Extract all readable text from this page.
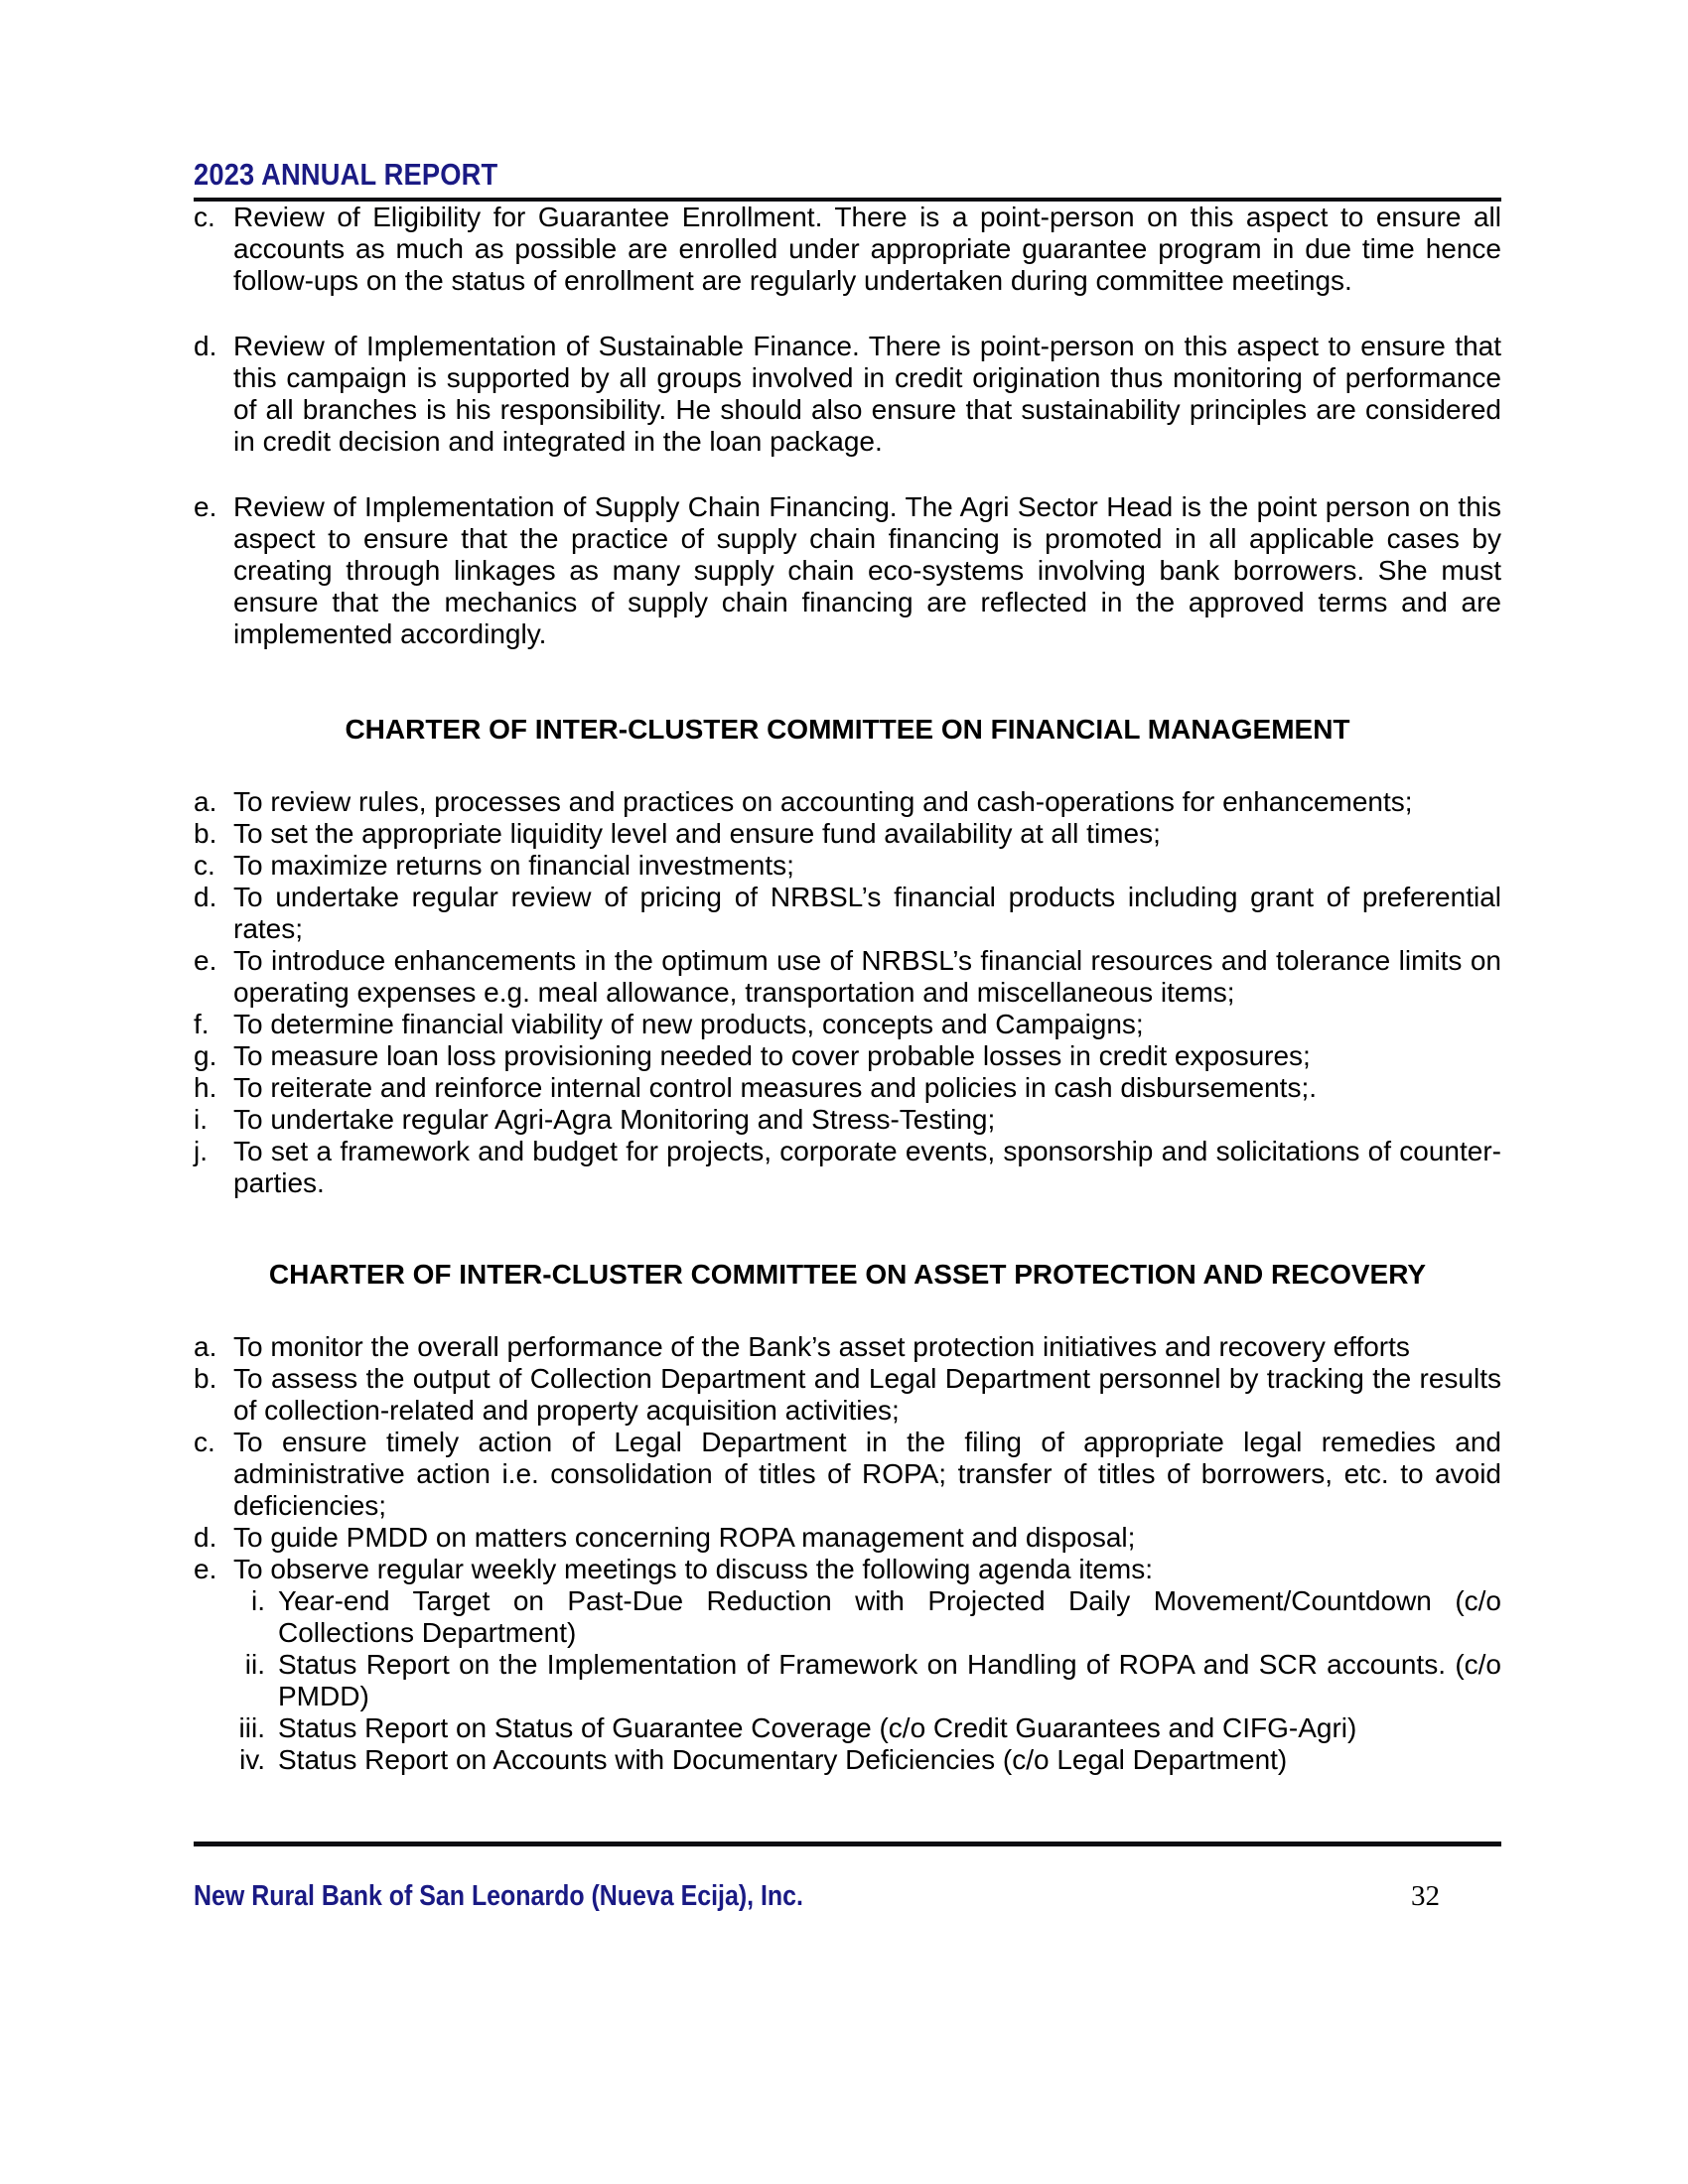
2023 ANNUAL REPORT
c. Review of Eligibility for Guarantee Enrollment. There is a point-person on this aspect to ensure all accounts as much as possible are enrolled under appropriate guarantee program in due time hence follow-ups on the status of enrollment are regularly undertaken during committee meetings.
d. Review of Implementation of Sustainable Finance. There is point-person on this aspect to ensure that this campaign is supported by all groups involved in credit origination thus monitoring of performance of all branches is his responsibility. He should also ensure that sustainability principles are considered in credit decision and integrated in the loan package.
e. Review of Implementation of Supply Chain Financing. The Agri Sector Head is the point person on this aspect to ensure that the practice of supply chain financing is promoted in all applicable cases by creating through linkages as many supply chain eco-systems involving bank borrowers. She must ensure that the mechanics of supply chain financing are reflected in the approved terms and are implemented accordingly.
CHARTER OF INTER-CLUSTER COMMITTEE ON FINANCIAL MANAGEMENT
a. To review rules, processes and practices on accounting and cash-operations for enhancements;
b. To set the appropriate liquidity level and ensure fund availability at all times;
c. To maximize returns on financial investments;
d. To undertake regular review of pricing of NRBSL’s financial products including grant of preferential rates;
e. To introduce enhancements in the optimum use of NRBSL’s financial resources and tolerance limits on operating expenses e.g. meal allowance, transportation and miscellaneous items;
f. To determine financial viability of new products, concepts and Campaigns;
g. To measure loan loss provisioning needed to cover probable losses in credit exposures;
h. To reiterate and reinforce internal control measures and policies in cash disbursements;.
i. To undertake regular Agri-Agra Monitoring and Stress-Testing;
j. To set a framework and budget for projects, corporate events, sponsorship and solicitations of counter-parties.
CHARTER OF INTER-CLUSTER COMMITTEE ON ASSET PROTECTION AND RECOVERY
a. To monitor the overall performance of the Bank’s asset protection initiatives and recovery efforts
b. To assess the output of Collection Department and Legal Department personnel by tracking the results of collection-related and property acquisition activities;
c. To ensure timely action of Legal Department in the filing of appropriate legal remedies and administrative action i.e. consolidation of titles of ROPA; transfer of titles of borrowers, etc. to avoid deficiencies;
d. To guide PMDD on matters concerning ROPA management and disposal;
e. To observe regular weekly meetings to discuss the following agenda items:
i. Year-end Target on Past-Due Reduction with Projected Daily Movement/Countdown (c/o Collections Department)
ii. Status Report on the Implementation of Framework on Handling of ROPA and SCR accounts. (c/o PMDD)
iii. Status Report on Status of Guarantee Coverage (c/o Credit Guarantees and CIFG-Agri)
iv. Status Report on Accounts with Documentary Deficiencies (c/o Legal Department)
New Rural Bank of San Leonardo (Nueva Ecija), Inc.	32
